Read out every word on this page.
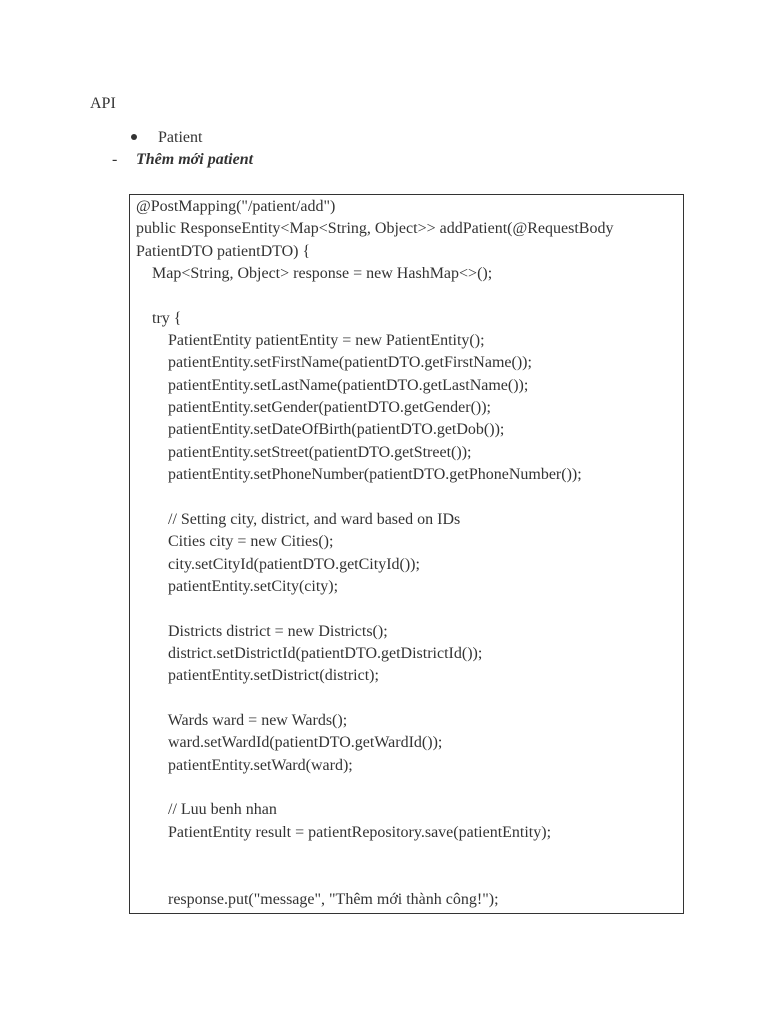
API
Patient
- Thêm mới patient
@PostMapping("/patient/add")
public ResponseEntity<Map<String, Object>> addPatient(@RequestBody
PatientDTO patientDTO) {
Map<String, Object> response = new HashMap<>();
try {
PatientEntity patientEntity = new PatientEntity();
patientEntity.setFirstName(patientDTO.getFirstName());
patientEntity.setLastName(patientDTO.getLastName());
patientEntity.setGender(patientDTO.getGender());
patientEntity.setDateOfBirth(patientDTO.getDob());
patientEntity.setStreet(patientDTO.getStreet());
patientEntity.setPhoneNumber(patientDTO.getPhoneNumber());
// Setting city, district, and ward based on IDs
Cities city = new Cities();
city.setCityId(patientDTO.getCityId());
patientEntity.setCity(city);
Districts district = new Districts();
district.setDistrictId(patientDTO.getDistrictId());
patientEntity.setDistrict(district);
Wards ward = new Wards();
ward.setWardId(patientDTO.getWardId());
patientEntity.setWard(ward);
// Luu benh nhan
PatientEntity result = patientRepository.save(patientEntity);
response.put("message", "Thêm mới thành công!");
